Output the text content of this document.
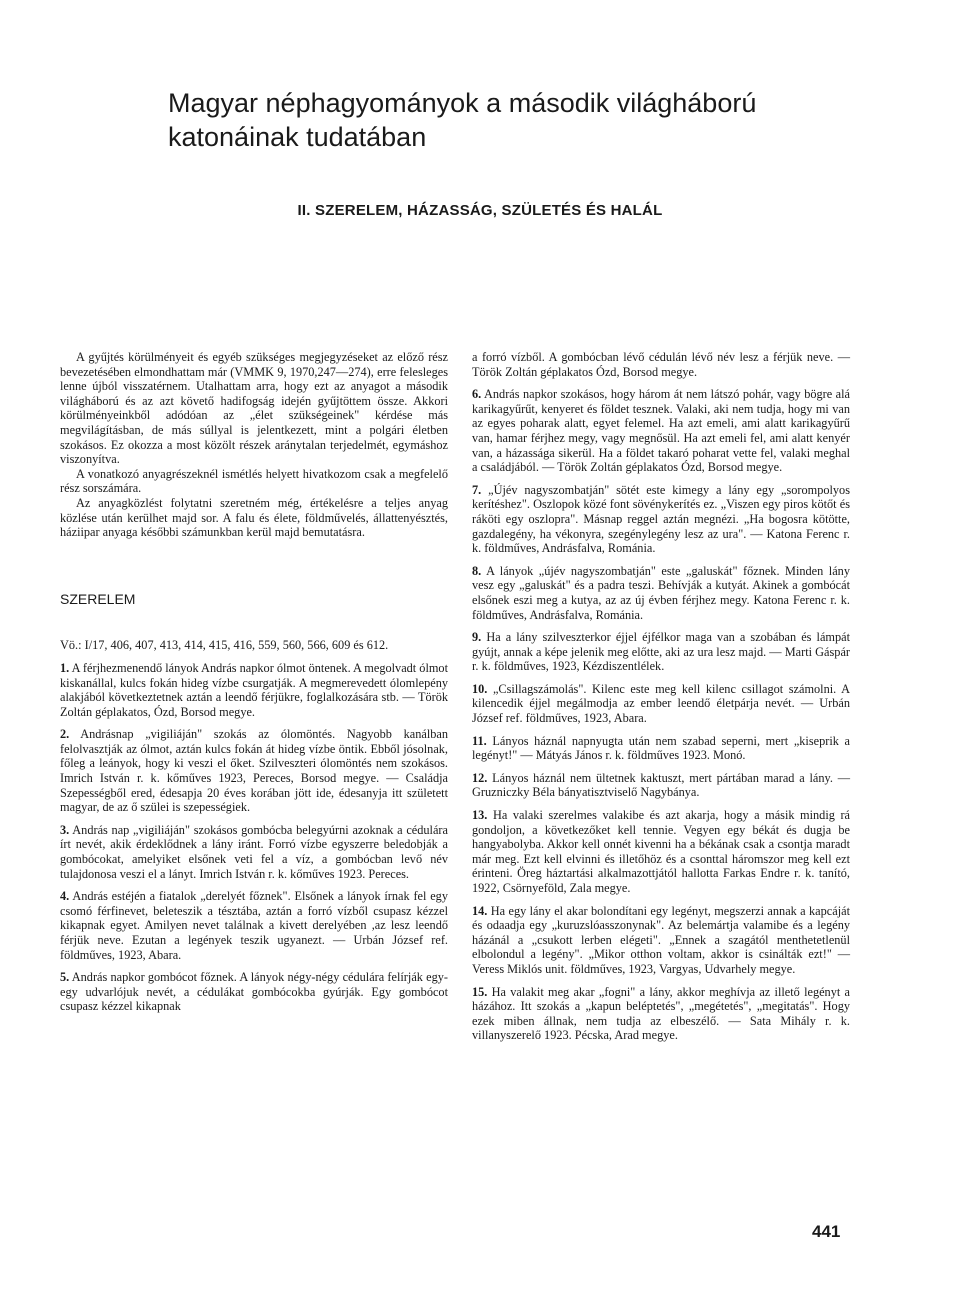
Magyar néphagyományok a második világháború katonáinak tudatában
II. SZERELEM, HÁZASSÁG, SZÜLETÉS ÉS HALÁL

A gyűjtés körülményeit és egyéb szükséges megjegyzéseket az előző rész bevezetésében elmondhattam már (VMMK 9, 1970,247—274), erre felesleges lenne újból visszatérnem. Utalhattam arra, hogy ezt az anyagot a második világháború és az azt követő hadifogság idején gyűjtöttem össze. Akkori körülményeinkből adódóan az „élet szükségeinek" kérdése más megvilágításban, de más súllyal is jelentkezett, mint a polgári életben szokásos. Ez okozza a most közölt részek aránytalan terjedelmét, egymáshoz viszonyítva.

A vonatkozó anyagrészeknél ismétlés helyett hivatkozom csak a megfelelő rész sorszámára.

Az anyagközlést folytatni szeretném még, értékelésre a teljes anyag közlése után kerülhet majd sor. A falu és élete, földművelés, állattenyésztés, háziipar anyaga későbbi számunkban kerül majd bemutatásra.

SZERELEM

Vö.: I/17, 406, 407, 413, 414, 415, 416, 559, 560, 566, 609 és 612.

1. A férjhezmenendő lányok András napkor ólmot öntenek. A megolvadt ólmot kiskanállal, kulcs fokán hideg vízbe csurgatják. A megmerevedett ólomlepény alakjából következtetnek aztán a leendő férjükre, foglalkozására stb. — Török Zoltán géplakatos, Ózd, Borsod megye.

2. Andrásnap „vigiliáján" szokás az ólomöntés. Nagyobb kanálban felolvasztják az ólmot, aztán kulcs fokán át hideg vízbe öntik. Ebből jósolnak, főleg a leányok, hogy ki veszi el őket. Szilveszteri ólomöntés nem szokásos. Imrich István r. k. kőműves 1923, Pereces, Borsod megye. — Családja Szepességből ered, édesapja 20 éves korában jött ide, édesanyja itt született magyar, de az ő szülei is szepességiek.

3. András nap „vigiliáján" szokásos gombócba belegyúrni azoknak a cédulára írt nevét, akik érdeklődnek a lány iránt. Forró vízbe egyszerre beledobják a gombócokat, amelyiket elsőnek veti fel a víz, a gombócban levő név tulajdonosa veszi el a lányt. Imrich István r. k. kőműves 1923. Pereces.

4. András estéjén a fiatalok „derelyét főznek". Elsőnek a lányok írnak fel egy csomó férfinevet, beleteszik a tésztába, aztán a forró vízből csupasz kézzel kikapnak egyet. Amilyen nevet találnak a kivett derelyében ,az lesz leendő férjük neve. Ezutan a legények teszik ugyanezt. — Urbán József ref. földműves, 1923, Abara.

5. András napkor gombócot főznek. A lányok négy-négy cédulára felírják egy-egy udvarlójuk nevét, a cédulákat gombócokba gyúrják. Egy gombócot csupasz kézzel kikapnak

a forró vízből. A gombócban lévő cédulán lévő név lesz a férjük neve. — Török Zoltán géplakatos Ózd, Borsod megye.

6. András napkor szokásos, hogy három át nem látszó pohár, vagy bögre alá karikagyűrűt, kenyeret és földet tesznek. Valaki, aki nem tudja, hogy mi van az egyes poharak alatt, egyet felemel. Ha azt emeli, ami alatt karikagyűrű van, hamar férjhez megy, vagy megnősül. Ha azt emeli fel, ami alatt kenyér van, a házassága sikerül. Ha a földet takaró poharat vette fel, valaki meghal a családjából. — Török Zoltán géplakatos Ózd, Borsod megye.

7. „Újév nagyszombatján" sötét este kimegy a lány egy „sorompolyos kerítéshez". Oszlopok közé font sövénykerítés ez. „Viszen egy piros kötőt és ráköti egy oszlopra". Másnap reggel aztán megnézi. „Ha bogosra kötötte, gazdalegény, ha vékonyra, szegénylegény lesz az ura". — Katona Ferenc r. k. földműves, Andrásfalva, Románia.

8. A lányok „újév nagyszombatján" este „galuskát" főznek. Minden lány vesz egy „galuskát" és a padra teszi. Behívják a kutyát. Akinek a gombócát elsőnek eszi meg a kutya, az az új évben férjhez megy. Katona Ferenc r. k. földműves, Andrásfalva, Románia.

9. Ha a lány szilveszterkor éjjel éjfélkor maga van a szobában és lámpát gyújt, annak a képe jelenik meg előtte, aki az ura lesz majd. — Marti Gáspár r. k. földműves, 1923, Kézdiszentlélek.

10. „Csillagszámolás". Kilenc este meg kell kilenc csillagot számolni. A kilencedik éjjel megálmodja az ember leendő életpárja nevét. — Urbán József ref. földműves, 1923, Abara.

11. Lányos háznál napnyugta után nem szabad seperni, mert „kiseprik a legényt!" — Mátyás János r. k. földműves 1923. Monó.

12. Lányos háznál nem ültetnek kaktuszt, mert pártában marad a lány. — Gruzniczky Béla bányatisztviselő Nagybánya.

13. Ha valaki szerelmes valakibe és azt akarja, hogy a másik mindig rá gondoljon, a következőket kell tennie. Vegyen egy békát és dugja be hangyabolyba. Akkor kell onnét kivenni ha a békának csak a csontja maradt már meg. Ezt kell elvinni és illetőhöz és a csonttal háromszor meg kell ezt érinteni. Öreg háztartási alkalmazottjától hallotta Farkas Endre r. k. tanító, 1922, Csörnyeföld, Zala megye.

14. Ha egy lány el akar bolondítani egy legényt, megszerzi annak a kapcáját és odaadja egy „kuruzslóasszonynak". Az belemártja valamibe és a legény házánál a „csukott lerben elégeti". „Ennek a szagától menthetetlenül elbolondul a legény". „Mikor otthon voltam, akkor is csinálták ezt!" — Veress Miklós unit. földműves, 1923, Vargyas, Udvarhely megye.

15. Ha valakit meg akar „fogni" a lány, akkor meghívja az illető legényt a házához. Itt szokás a „kapun beléptetés", „megétetés", „megitatás". Hogy ezek miben állnak, nem tudja az elbeszélő. — Sata Mihály r. k. villanyszerelő 1923. Pécska, Arad megye.

441
